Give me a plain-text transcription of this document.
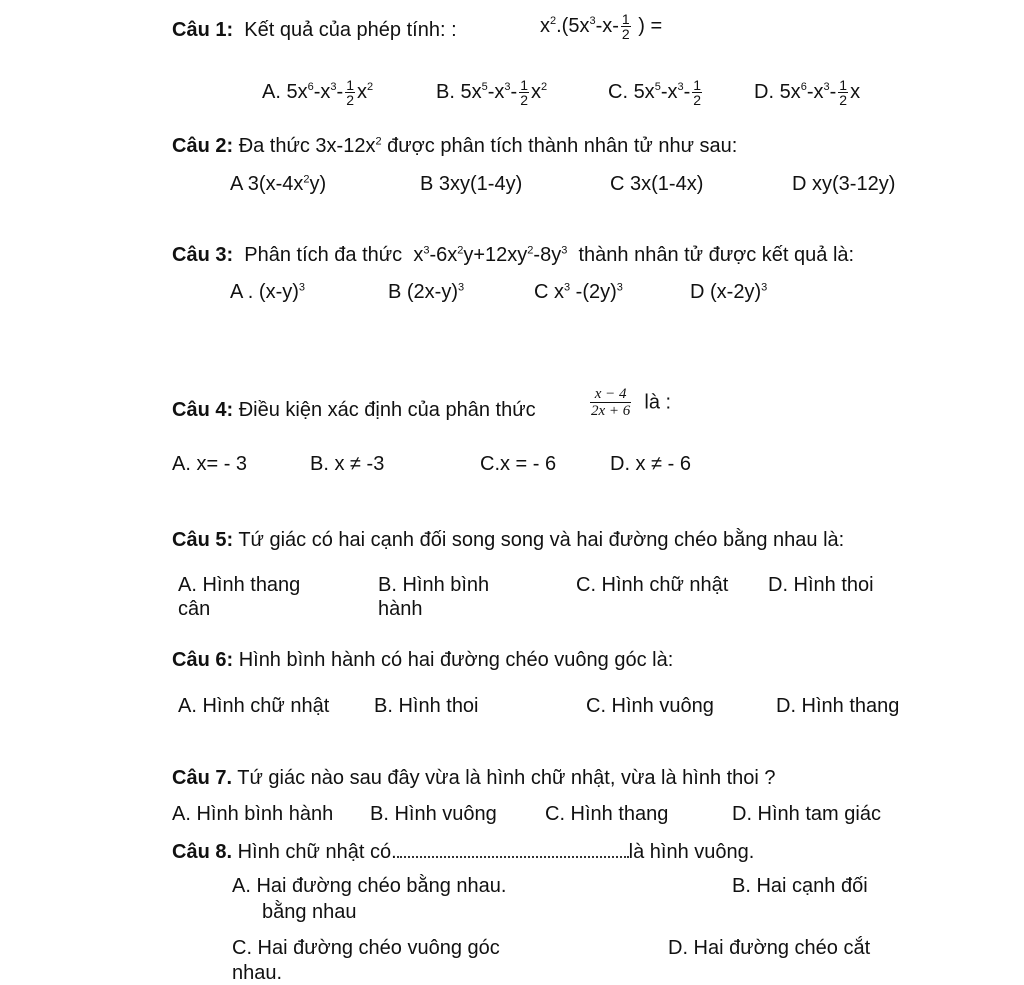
Câu 1: Kết quả của phép tính: :	$x^2.(5x^3-x- \frac{1}{2}$ ) =
A. $5x^6-x^3- \frac{1}{2} x^2$	B. $5x^5-x^3- \frac{1}{2} x^2$	C. $5x^5-x^3- \frac{1}{2}$	D. $5x^6-x^3- \frac{1}{2}$ x
Câu 2: Đa thức $3x-12x^2$ được phân tích thành nhân tử như sau:
A $3(x-4x^2y)$	B 3xy(1-4y)	C 3x(1-4x)	D xy(3-12y)
Câu 3: Phân tích đa thức $x^3-6x^2y+12xy^2-8y^3$ thành nhân tử được kết quả là:
A . $(x-y)^3$	B $(2x-y)^3$	C $x^3$ $-(2y)^3$	D $(x-2y)^3$
Câu 4: Điều kiện xác định của phân thức	$\frac{x - 4}{2x + 6}$ là :
A. x= - 3	B. x ≠ -3	C.x = - 6	D. x ≠ - 6
Câu 5: Tứ giác có hai cạnh đối song song và hai đường chéo bằng nhau là:
A. Hình thang
cân
B. Hình bình
hành
C. Hình chữ nhật D. Hình thoi
Câu 6: Hình bình hành có hai đường chéo vuông góc là:
A. Hình chữ nhật B. Hình thoi	C. Hình vuông	D. Hình thang
Câu 7. Tứ giác nào sau đây vừa là hình chữ nhật, vừa là hình thoi ?
A. Hình bình hành B. Hình vuông C. Hình thang	D. Hình tam giác
Câu 8. Hình chữ nhật có.	là hình vuông.
A. Hai đường chéo bằng nhau.	B. Hai cạnh đối
bằng nhau
C. Hai đường chéo vuông góc
nhau.
D. Hai đường chéo cắt
